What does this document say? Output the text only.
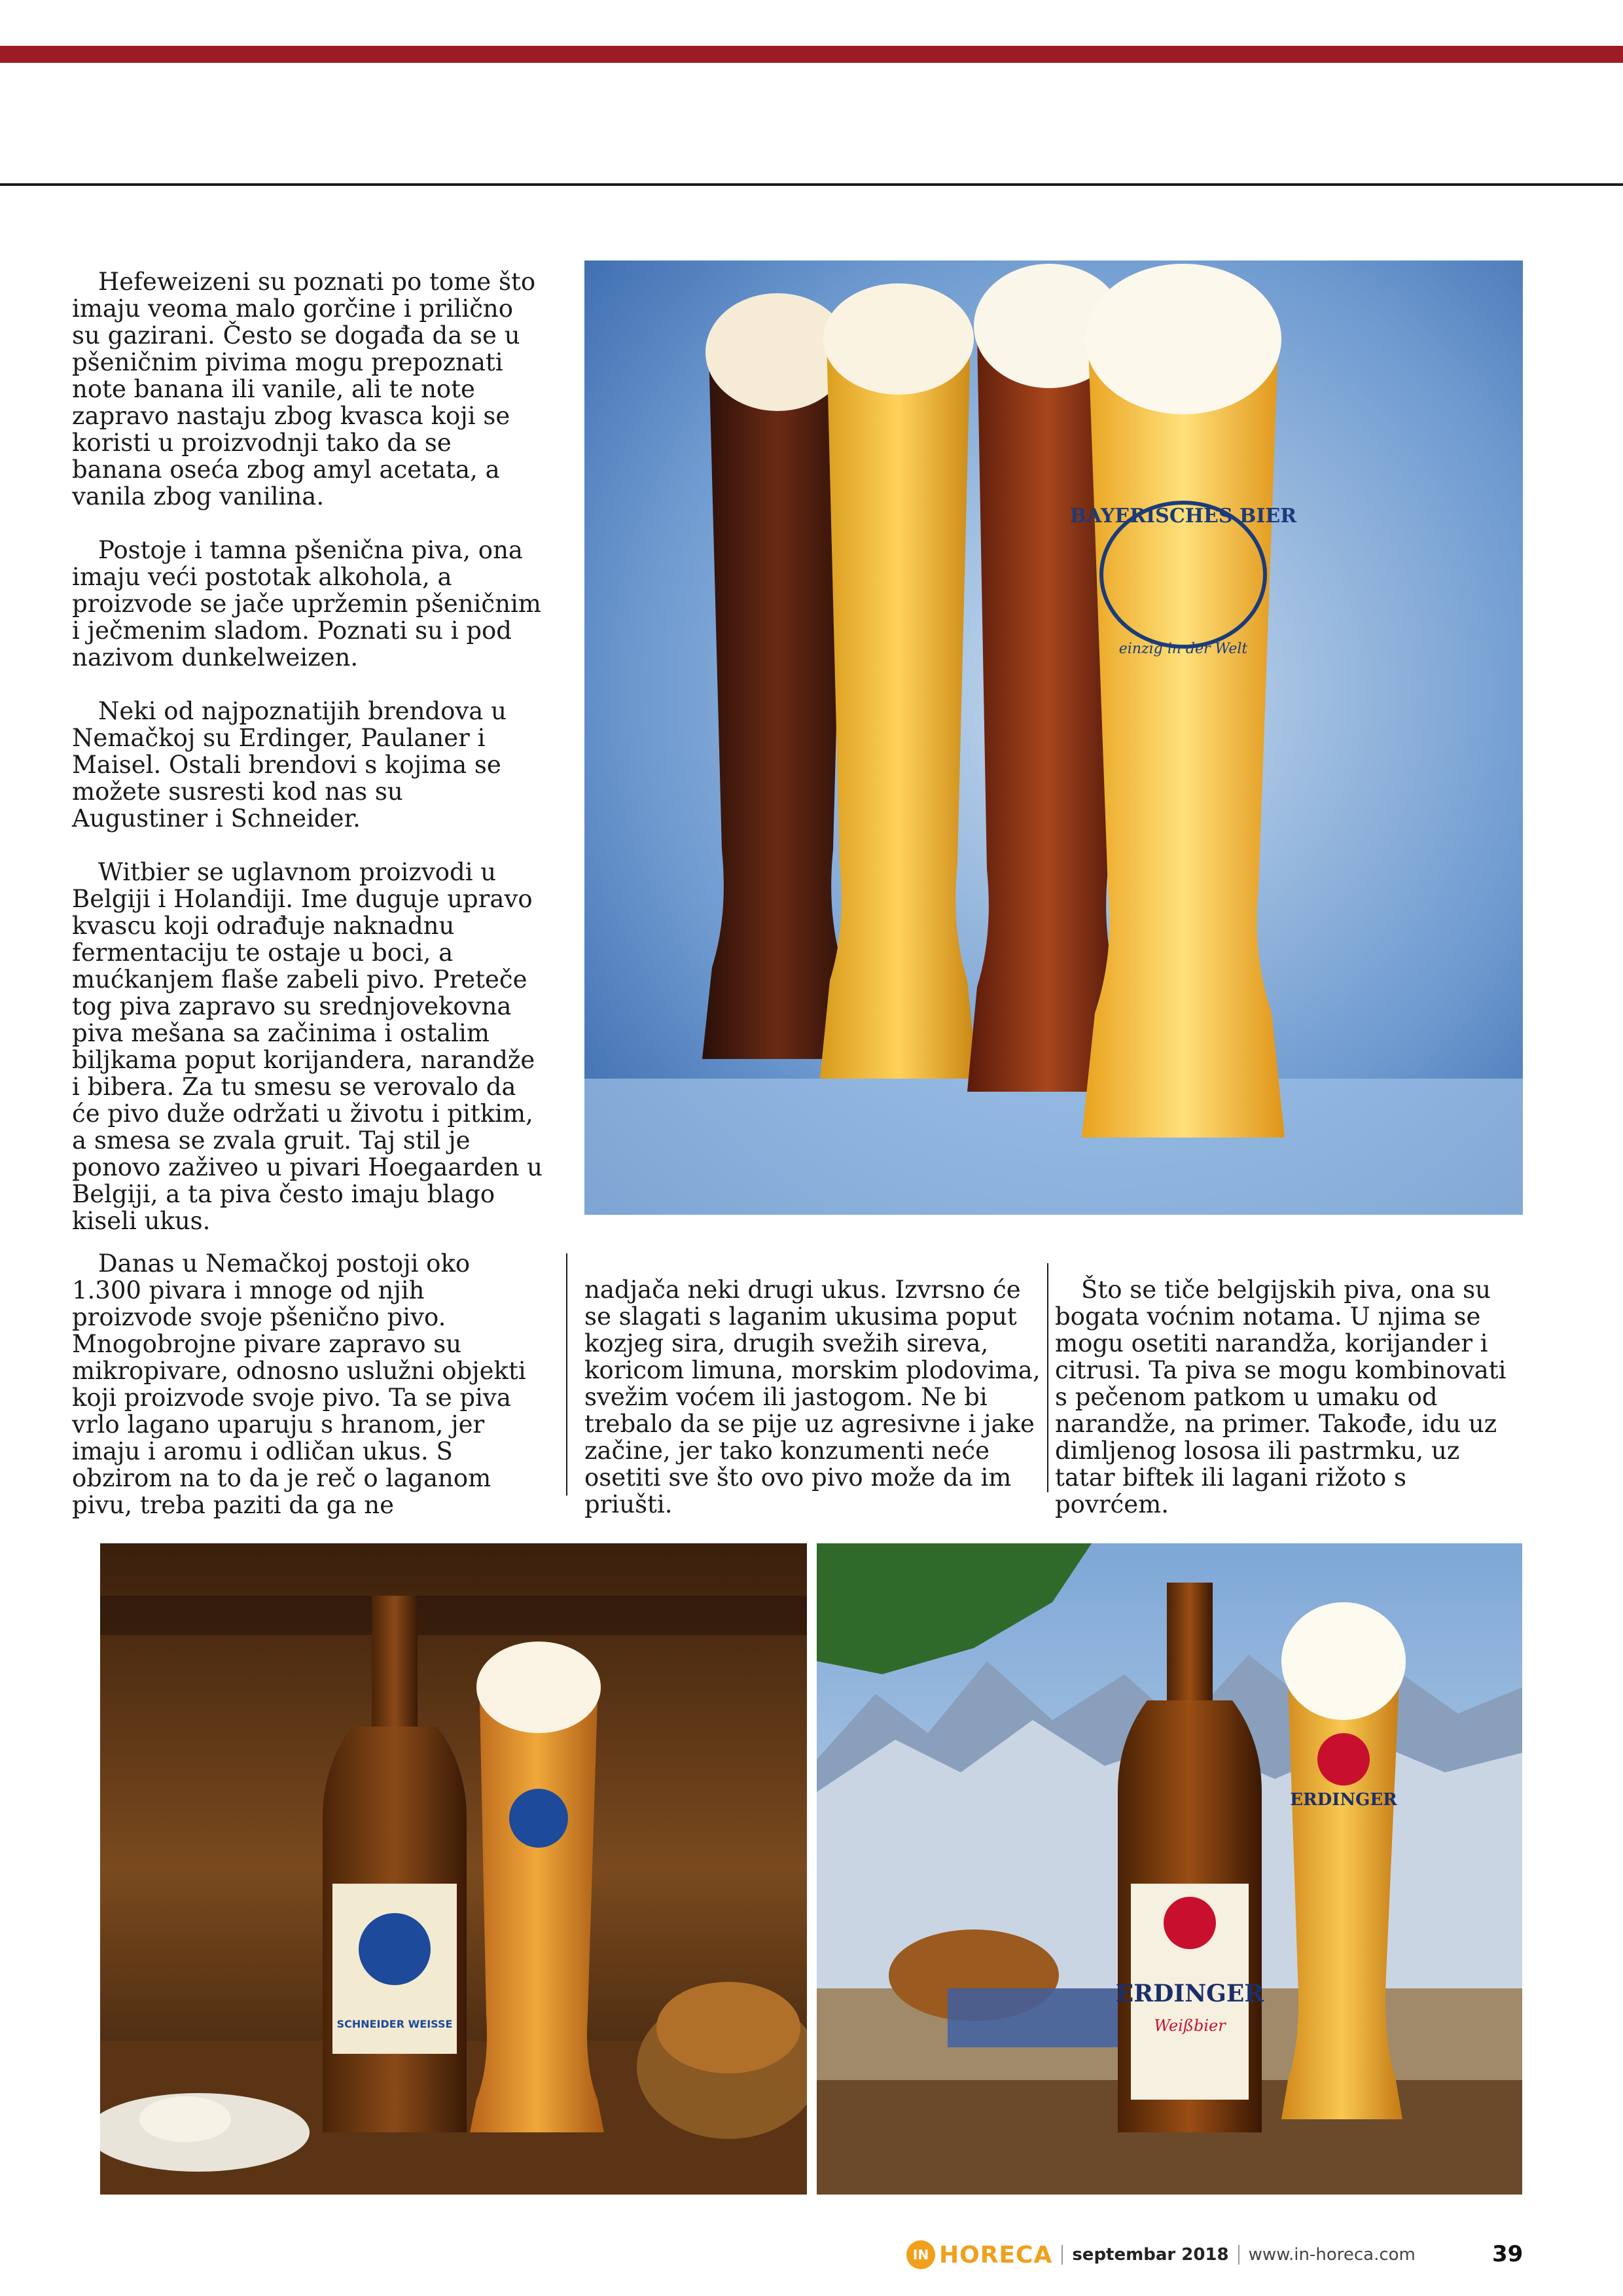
Hefeweizeni su poznati po tome što imaju veoma malo gorčine i prilično su gazirani. Često se događa da se u pšeničnim pivima mogu prepoznati note banana ili vanile, ali te note zapravo nastaju zbog kvasca koji se koristi u proizvodnji tako da se banana oseća zbog amyl acetata, a vanila zbog vanilina.

Postoje i tamna pšenična piva, ona imaju veći postotak alkohola, a proizvode se jače upržemin pšeničnim i ječmenim sladom. Poznati su i pod nazivom dunkelweizen.

Neki od najpoznatijih brendova u Nemačkoj su Erdinger, Paulaner i Maisel. Ostali brendovi s kojima se možete susresti kod nas su Augustiner i Schneider.

Witbier se uglavnom proizvodi u Belgiji i Holandiji. Ime duguje upravo kvascu koji odrađuje naknadnu fermentaciju te ostaje u boci, a mućkanjem flaše zabeli pivo. Preteče tog piva zapravo su srednjovekovna piva mešana sa začinima i ostalim biljkama poput korijandera, narandže i bibera. Za tu smesu se verovalo da će pivo duže održati u životu i pitkim, a smesa se zvala gruit. Taj stil je ponovo zaživeo u pivari Hoegaarden u Belgiji, a ta piva često imaju blago kiseli ukus.

BAYERISCHES BIER
einzig in der Welt

Danas u Nemačkoj postoji oko 1.300 pivara i mnoge od njih proizvode svoje pšenično pivo. Mnogobrojne pivare zapravo su mikropivare, odnosno uslužni objekti koji proizvode svoje pivo. Ta se piva vrlo lagano uparuju s hranom, jer imaju i aromu i odličan ukus. S obzirom na to da je reč o laganom pivu, treba paziti da ga ne

nadjača neki drugi ukus. Izvrsno će se slagati s laganim ukusima poput kozjeg sira, drugih svežih sireva, koricom limuna, morskim plodovima, svežim voćem ili jastogom. Ne bi trebalo da se pije uz agresivne i jake začine, jer tako konzumenti neće osetiti sve što ovo pivo može da im priušti.

Što se tiče belgijskih piva, ona su bogata voćnim notama. U njima se mogu osetiti narandža, korijander i citrusi. Ta piva se mogu kombinovati s pečenom patkom u umaku od narandže, na primer. Takođe, idu uz dimljenog lososa ili pastrmku, uz tatar biftek ili lagani rižoto s povrćem.

SCHNEIDER WEISSE
ERDINGER
Weißbier
ERDINGER
IN HORECA septembar 2018 www.in-horeca.com	39
